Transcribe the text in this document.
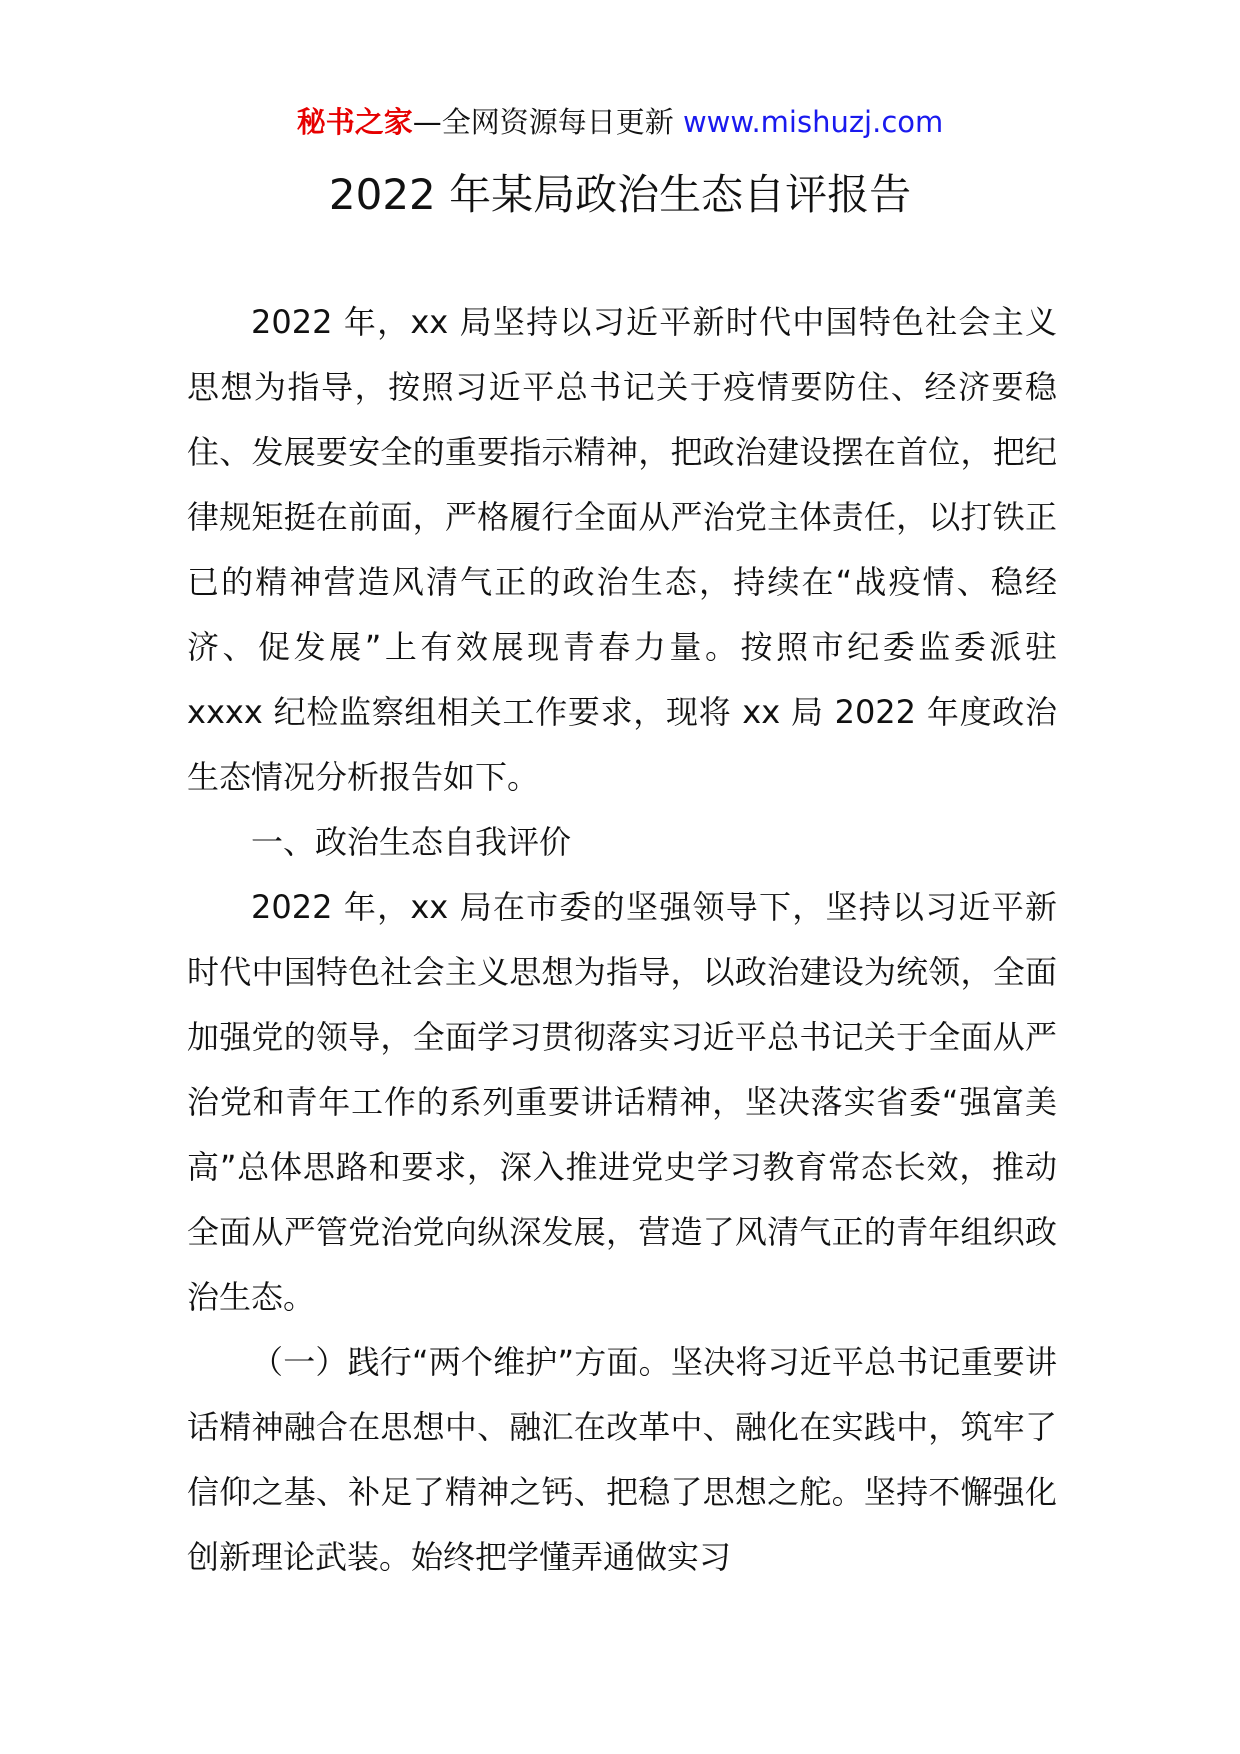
秘书之家—全网资源每日更新 www.mishuzj.com
2022 年某局政治生态自评报告

2022 年，xx 局坚持以习近平新时代中国特色社会主义思想为指导，按照习近平总书记关于疫情要防住、经济要稳住、发展要安全的重要指示精神，把政治建设摆在首位，把纪律规矩挺在前面，严格履行全面从严治党主体责任，以打铁正已的精神营造风清气正的政治生态，持续在“战疫情、稳经济、促发展”上有效展现青春力量。按照市纪委监委派驻 xxxx 纪检监察组相关工作要求，现将 xx 局 2022 年度政治生态情况分析报告如下。

一、政治生态自我评价

2022 年，xx 局在市委的坚强领导下，坚持以习近平新时代中国特色社会主义思想为指导，以政治建设为统领，全面加强党的领导，全面学习贯彻落实习近平总书记关于全面从严治党和青年工作的系列重要讲话精神，坚决落实省委“强富美高”总体思路和要求，深入推进党史学习教育常态长效，推动全面从严管党治党向纵深发展，营造了风清气正的青年组织政治生态。

（一）践行“两个维护”方面。坚决将习近平总书记重要讲话精神融合在思想中、融汇在改革中、融化在实践中，筑牢了信仰之基、补足了精神之钙、把稳了思想之舵。坚持不懈强化创新理论武装。始终把学懂弄通做实习
